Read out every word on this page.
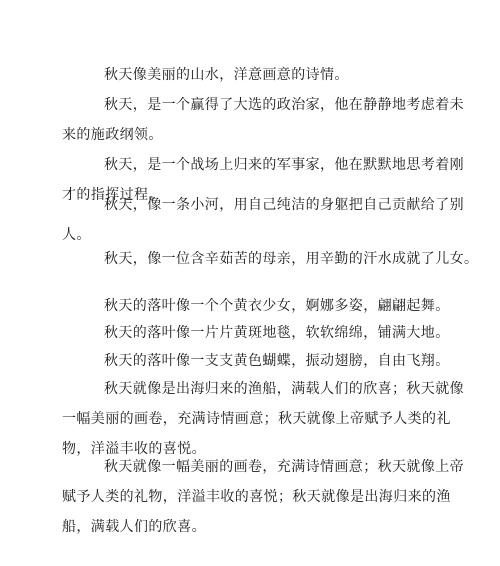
秋天像美丽的山水，洋意画意的诗情。
秋天，是一个赢得了大选的政治家，他在静静地考虑着未
来的施政纲领。
秋天，是一个战场上归来的军事家，他在默默地思考着刚
才的指挥过程。
秋天，像一条小河，用自己纯洁的身躯把自己贡献给了别
人。
秋天，像一位含辛茹苦的母亲，用辛勤的汗水成就了儿女。
秋天的落叶像一个个黄衣少女，婀娜多姿，翩翩起舞。
秋天的落叶像一片片黄斑地毯，软软绵绵，铺满大地。
秋天的落叶像一支支黄色蝴蝶，振动翅膀，自由飞翔。
秋天就像是出海归来的渔船，满载人们的欣喜；秋天就像
一幅美丽的画卷，充满诗情画意；秋天就像上帝赋予人类的礼
物，洋溢丰收的喜悦。
秋天就像一幅美丽的画卷，充满诗情画意；秋天就像上帝
赋予人类的礼物，洋溢丰收的喜悦；秋天就像是出海归来的渔
船，满载人们的欣喜。
